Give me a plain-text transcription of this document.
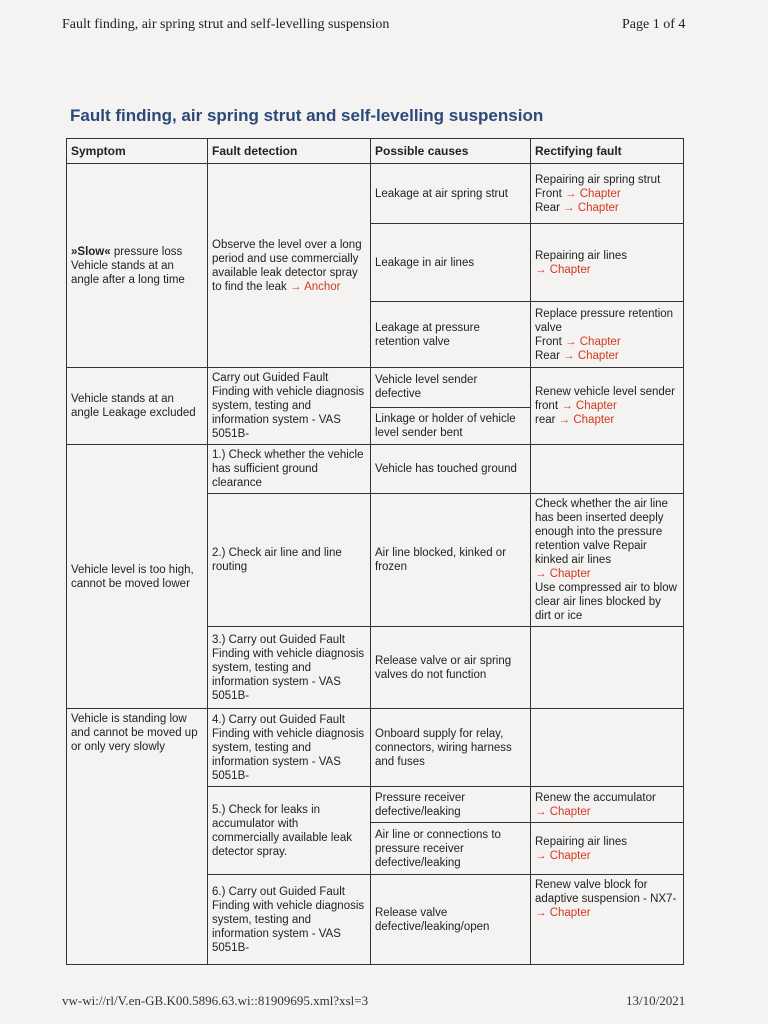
Fault finding, air spring strut and self-levelling suspension	Page 1 of 4
Fault finding, air spring strut and self-levelling suspension
Symptom	Fault detection	Possible causes	Rectifying fault
»Slow« pressure loss Vehicle stands at an angle after a long time	Observe the level over a long period and use commercially available leak detector spray to find the leak → Anchor	Leakage at air spring strut	Repairing air spring strut
Front → Chapter
Rear → Chapter

		Leakage in air lines	Repairing air lines
→ Chapter

		Leakage at pressure retention valve	Replace pressure retention valve
Front → Chapter
Rear → Chapter

Vehicle stands at an angle Leakage excluded	Carry out Guided Fault Finding with vehicle diagnosis system, testing and information system - VAS 5051B-	Vehicle level sender defective	Renew vehicle level sender
front → Chapter
rear → Chapter

		Linkage or holder of vehicle level sender bent	
Vehicle level is too high, cannot be moved lower	1.) Check whether the vehicle has sufficient ground clearance	Vehicle has touched ground	
	2.) Check air line and line routing	Air line blocked, kinked or frozen	Check whether the air line has been inserted deeply enough into the pressure retention valve Repair kinked air lines
→ Chapter
Use compressed air to blow clear air lines blocked by dirt or ice

	3.) Carry out Guided Fault Finding with vehicle diagnosis system, testing and information system - VAS 5051B-	Release valve or air spring valves do not function	
Vehicle is standing low and cannot be moved up or only very slowly	4.) Carry out Guided Fault Finding with vehicle diagnosis system, testing and information system - VAS 5051B-	Onboard supply for relay, connectors, wiring harness and fuses	
	5.) Check for leaks in accumulator with commercially available leak detector spray.	Pressure receiver defective/leaking	Renew the accumulator
→ Chapter

		Air line or connections to pressure receiver defective/leaking	Repairing air lines
→ Chapter

	6.) Carry out Guided Fault Finding with vehicle diagnosis system, testing and information system - VAS 5051B-	Release valve defective/leaking/open	Renew valve block for adaptive suspension - NX7-
→ Chapter
vw-wi://rl/V.en-GB.K00.5896.63.wi::81909695.xml?xsl=3	13/10/2021
